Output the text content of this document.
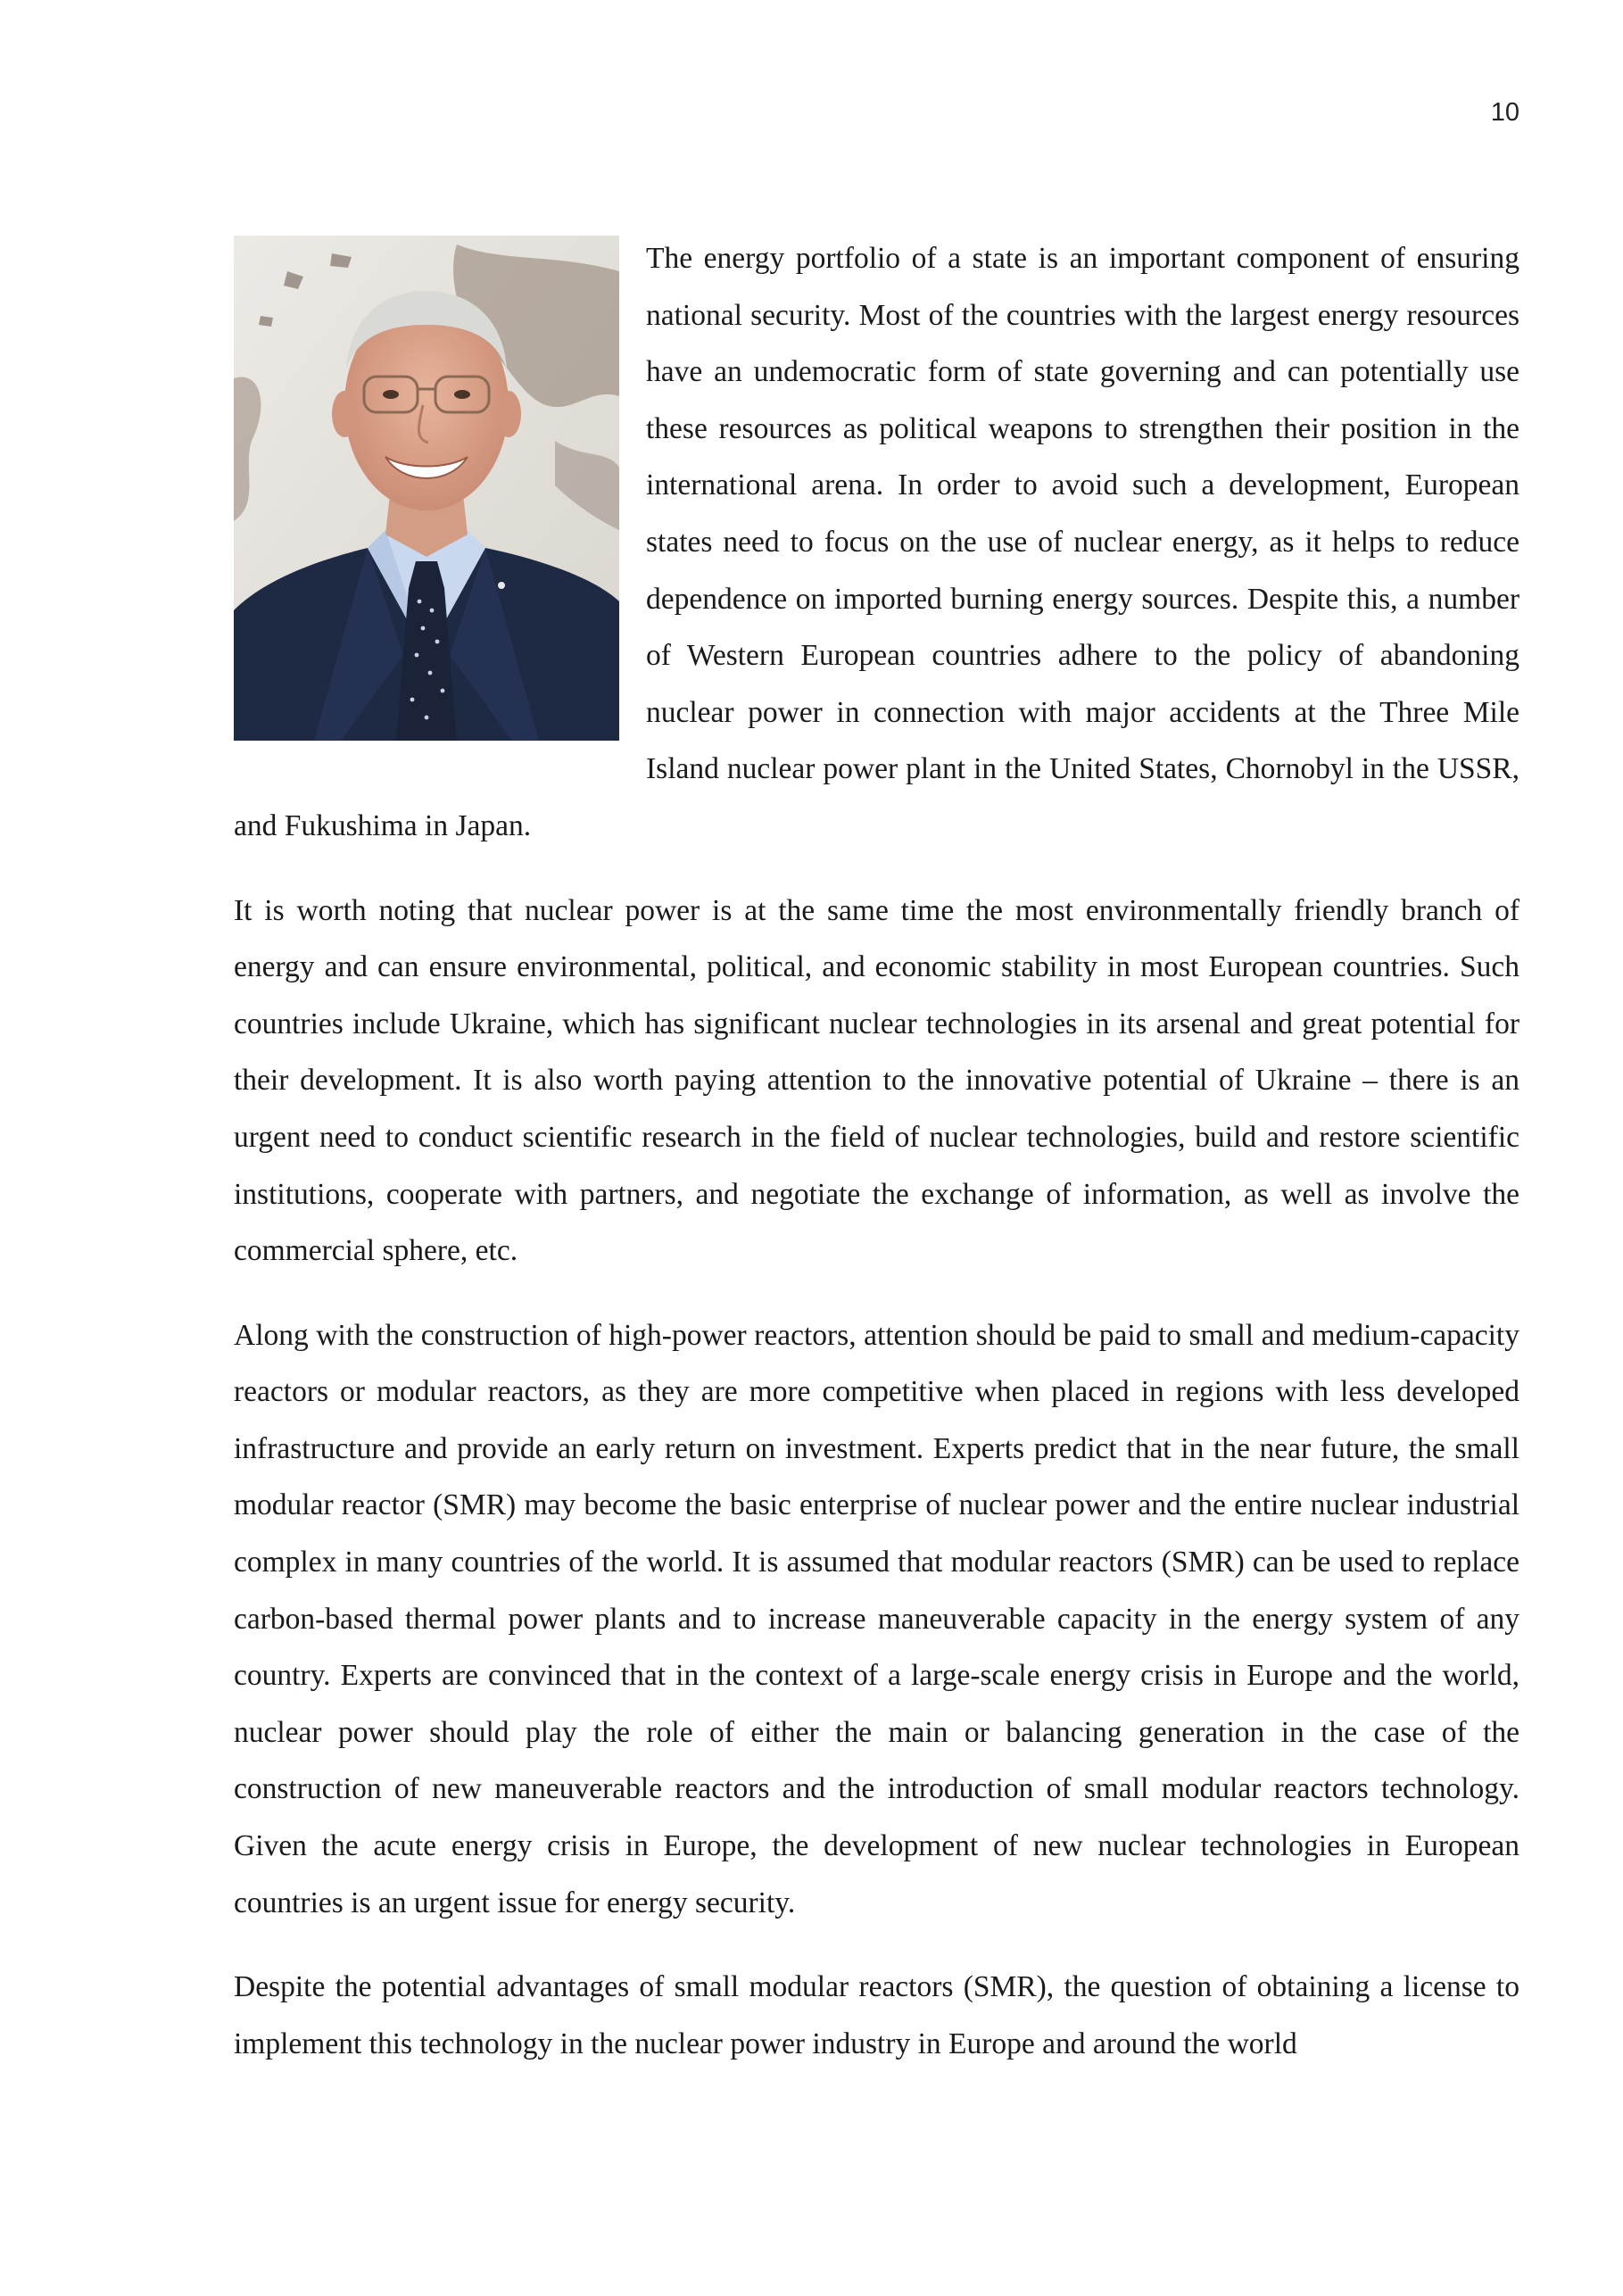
10

The energy portfolio of a state is an important component of ensuring national security. Most of the countries with the largest energy resources have an undemocratic form of state governing and can potentially use these resources as political weapons to strengthen their position in the international arena. In order to avoid such a development, European states need to focus on the use of nuclear energy, as it helps to reduce dependence on imported burning energy sources. Despite this, a number of Western European countries adhere to the policy of abandoning nuclear power in connection with major accidents at the Three Mile Island nuclear power plant in the United States, Chornobyl in the USSR, and Fukushima in Japan.

It is worth noting that nuclear power is at the same time the most environmentally friendly branch of energy and can ensure environmental, political, and economic stability in most European countries. Such countries include Ukraine, which has significant nuclear technologies in its arsenal and great potential for their development. It is also worth paying attention to the innovative potential of Ukraine – there is an urgent need to conduct scientific research in the field of nuclear technologies, build and restore scientific institutions, cooperate with partners, and negotiate the exchange of information, as well as involve the commercial sphere, etc.

Along with the construction of high-power reactors, attention should be paid to small and medium-capacity reactors or modular reactors, as they are more competitive when placed in regions with less developed infrastructure and provide an early return on investment. Experts predict that in the near future, the small modular reactor (SMR) may become the basic enterprise of nuclear power and the entire nuclear industrial complex in many countries of the world. It is assumed that modular reactors (SMR) can be used to replace carbon-based thermal power plants and to increase maneuverable capacity in the energy system of any country. Experts are convinced that in the context of a large-scale energy crisis in Europe and the world, nuclear power should play the role of either the main or balancing generation in the case of the construction of new maneuverable reactors and the introduction of small modular reactors technology. Given the acute energy crisis in Europe, the development of new nuclear technologies in European countries is an urgent issue for energy security.

Despite the potential advantages of small modular reactors (SMR), the question of obtaining a license to implement this technology in the nuclear power industry in Europe and around the world
